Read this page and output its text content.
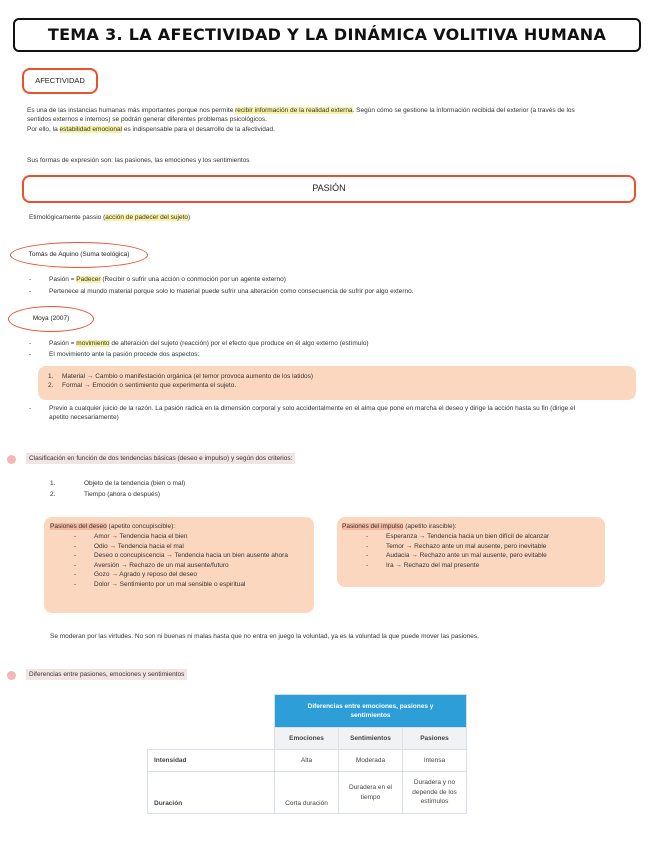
TEMA 3. LA AFECTIVIDAD Y LA DINÁMICA VOLITIVA HUMANA
AFECTIVIDAD
Es una de las instancias humanas más importantes porque nos permite recibir información de la realidad externa. Según cómo se gestione la información recibida del exterior (a través de los
sentidos externos e internos) se podrán generar diferentes problemas psicológicos.
Por ello, la estabilidad emocional es indispensable para el desarrollo de la afectividad.
Sus formas de expresión son: las pasiones, las emociones y los sentimientos
PASIÓN
Etimológicamente passio (acción de padecer del sujeto)
Tomás de Aquino (Suma teológica)
- Pasión = Padecer (Recibir o sufrir una acción o conmoción por un agente externo)
- Pertenece al mundo material porque solo lo material puede sufrir una alteración como consecuencia de sufrir por algo externo.
Moya (2007)
- Pasión = movimiento de alteración del sujeto (reacción) por el efecto que produce en él algo externo (estímulo)
- El movimiento ante la pasión procede dos aspectos:
1. Material → Cambio o manifestación orgánica (el temor provoca aumento de los latidos)
2. Formal → Emoción o sentimiento que experimenta el sujeto.
- Previo a cualquier juicio de la razón. La pasión radica en la dimensión corporal y solo accidentalmente en el alma que pone en marcha el deseo y dirige la acción hasta su fin (dirige el
apetito necesariamente)
Clasificación en función de dos tendencias básicas (deseo e impulso) y según dos criterios:
1.	Objeto de la tendencia (bien o mal)
2.	Tiempo (ahora o después)
Pasiones del deseo (apetito concupiscible):
- Amor → Tendencia hacia el bien
- Odio → Tendencia hacia el mal
- Deseo o concupiscencia → Tendencia hacia un bien ausente ahora
- Aversión → Rechazo de un mal ausente/futuro
- Gozo → Agrado y reposo del deseo
- Dolor → Sentimiento por un mal sensible o espiritual
Pasiones del impulso (apetito irascible):
- Esperanza → Tendencia hacia un bien difícil de alcanzar
- Temor → Rechazo ante un mal ausente, pero inevitable
- Audacia → Rechazo ante un mal ausente, pero evitable
- Ira → Rechazo del mal presente
Se moderan por las virtudes. No son ni buenas ni malas hasta que no entra en juego la voluntad, ya es la voluntad la que puede mover las pasiones.
Diferencias entre pasiones, emociones y sentimientos
	Diferencias entre emociones, pasiones y
sentimientos		
	Emociones	Sentimientos	Pasiones
Intensidad	Alta	Moderada	Intensa
Duración	Corta duración	Duradera en el tiempo	Duradera y no depende de los estímulos
